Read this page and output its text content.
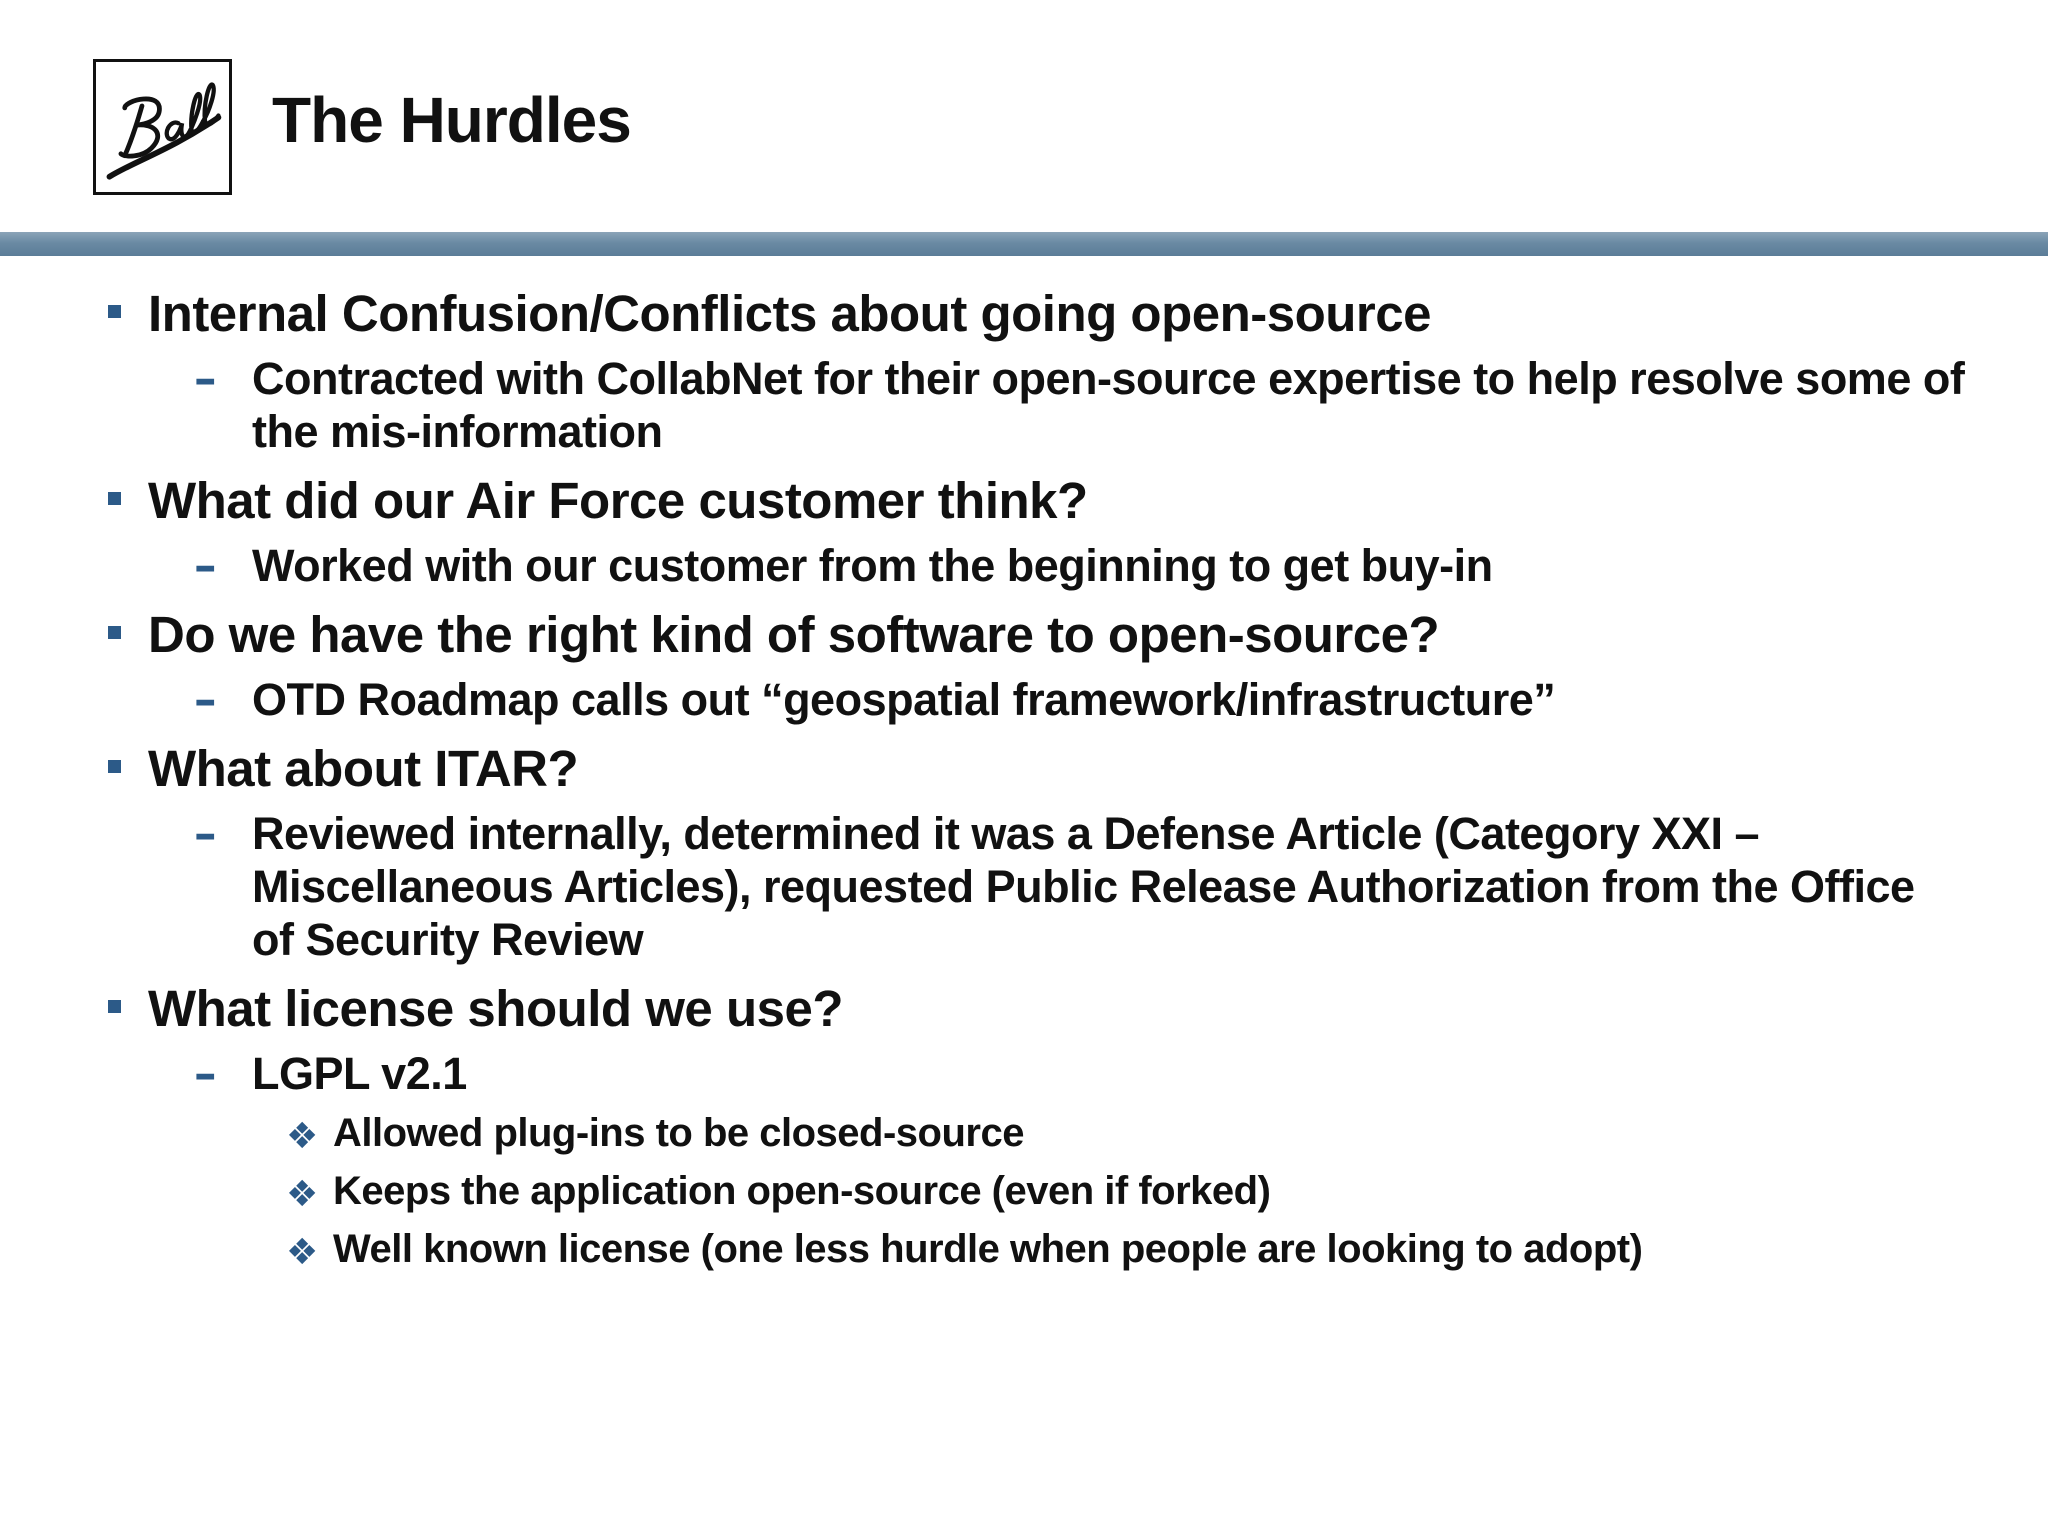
The Hurdles
Internal Confusion/Conflicts about going open-source
– Contracted with CollabNet for their open-source expertise to help resolve some of the mis-information
What did our Air Force customer think?
– Worked with our customer from the beginning to get buy-in
Do we have the right kind of software to open-source?
– OTD Roadmap calls out “geospatial framework/infrastructure”
What about ITAR?
– Reviewed internally, determined it was a Defense Article (Category XXI – Miscellaneous Articles), requested Public Release Authorization from the Office of Security Review
What license should we use?
– LGPL v2.1
❖ Allowed plug-ins to be closed-source
❖ Keeps the application open-source (even if forked)
❖ Well known license (one less hurdle when people are looking to adopt)
